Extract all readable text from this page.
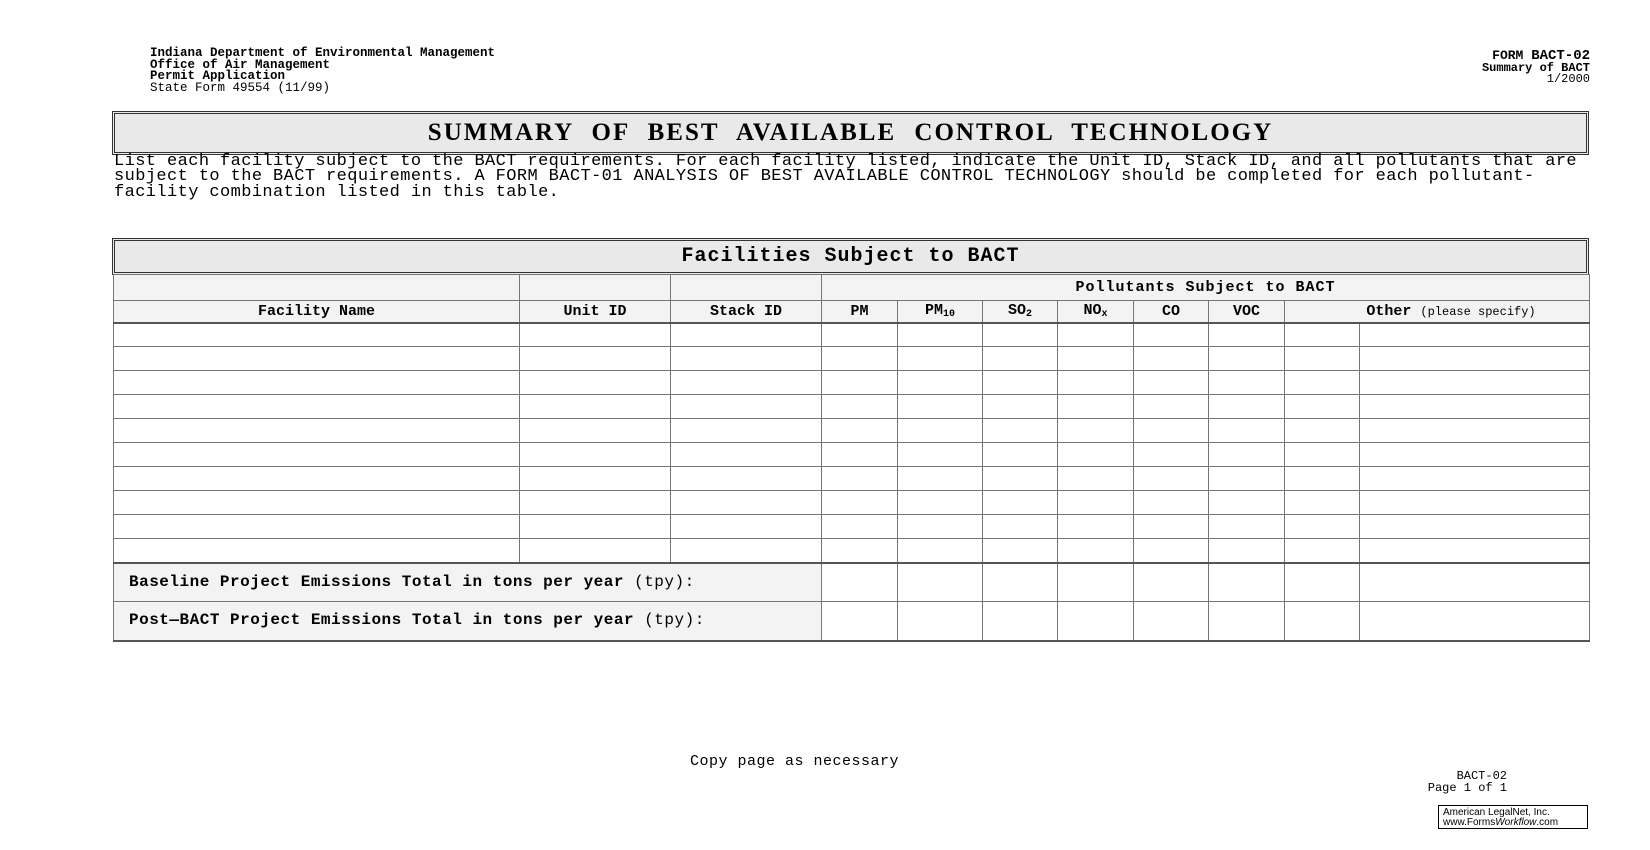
Indiana Department of Environmental Management
Office of Air Management
Permit Application
State Form 49554 (11/99)
FORM BACT-02
Summary of BACT
1/2000
SUMMARY OF BEST AVAILABLE CONTROL TECHNOLOGY
List each facility subject to the BACT requirements. For each facility listed, indicate the Unit ID, Stack ID, and all pollutants that are subject to the BACT requirements. A FORM BACT-01 ANALYSIS OF BEST AVAILABLE CONTROL TECHNOLOGY should be completed for each pollutant-facility combination listed in this table.
Facilities Subject to BACT
			Pollutants Subject to BACT							
Facility Name	Unit ID	Stack ID	PM	$PM_{10}$	$SO_2$	$NO_x$	CO	VOC	Other (please specify)	

Baseline Project Emissions Total in tons per year (tpy):										
Post—BACT Project Emissions Total in tons per year (tpy):										
Copy page as necessary
BACT-02
Page 1 of 1
American LegalNet, Inc.
www.FormsWorkflow.com
